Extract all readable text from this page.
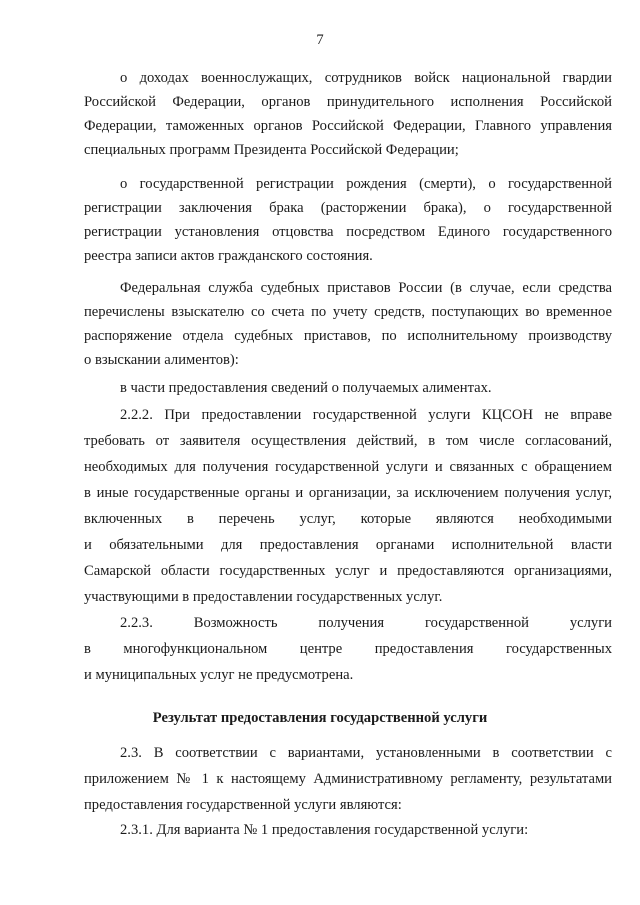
7
о доходах военнослужащих, сотрудников войск национальной гвардии
Российской Федерации, органов принудительного исполнения Российской
Федерации, таможенных органов Российской Федерации, Главного управления
специальных программ Президента Российской Федерации;
о государственной регистрации рождения (смерти), о государственной
регистрации заключения брака (расторжении брака), о государственной
регистрации установления отцовства посредством Единого государственного
реестра записи актов гражданского состояния.
Федеральная служба судебных приставов России (в случае, если средства
перечислены взыскателю со счета по учету средств, поступающих во временное
распоряжение отдела судебных приставов, по исполнительному производству
о взыскании алиментов):
в части предоставления сведений о получаемых алиментах.
2.2.2. При предоставлении государственной услуги КЦСОН не вправе
требовать от заявителя осуществления действий, в том числе согласований,
необходимых для получения государственной услуги и связанных с обращением
в иные государственные органы и организации, за исключением получения услуг,
включенных в перечень услуг, которые являются необходимыми
и обязательными для предоставления органами исполнительной власти
Самарской области государственных услуг и предоставляются организациями,
участвующими в предоставлении государственных услуг.
2.2.3. Возможность получения государственной услуги
в многофункциональном центре предоставления государственных
и муниципальных услуг не предусмотрена.
Результат предоставления государственной услуги
2.3. В соответствии с вариантами, установленными в соответствии с
приложением № 1 к настоящему Административному регламенту, результатами
предоставления государственной услуги являются:
2.3.1. Для варианта № 1 предоставления государственной услуги:
